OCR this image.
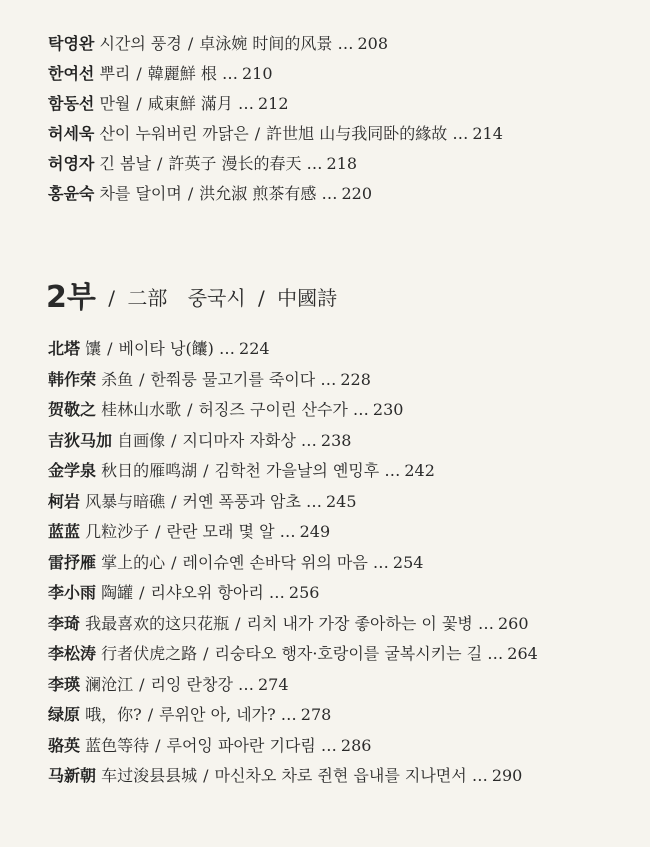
탁영완 시간의 풍경 / 卓泳婉 时间的风景 … 208
한여선 뿌리 / 韓麗鮮 根 … 210
함동선 만월 / 咸東鮮 滿月 … 212
허세욱 산이 누워버린 까닭은 / 許世旭 山与我同卧的緣故 … 214
허영자 긴 봄날 / 許英子 漫长的春天 … 218
홍윤숙 차를 달이며 / 洪允淑 煎茶有感 … 220
2부 / 二部 중국시 / 中國詩
北塔 馕 / 베이타 낭(饢) … 224
韩作荣 杀鱼 / 한쭤룽 물고기를 죽이다 … 228
贺敬之 桂林山水歌 / 허징즈 구이린 산수가 … 230
吉狄马加 自画像 / 지디마자 자화상 … 238
金学泉 秋日的雁鸣湖 / 김학천 가을날의 옌밍후 … 242
柯岩 风暴与暗礁 / 커옌 폭풍과 암초 … 245
蓝蓝 几粒沙子 / 란란 모래 몇 알 … 249
雷抒雁 掌上的心 / 레이슈옌 손바닥 위의 마음 … 254
李小雨 陶罐 / 리샤오위 항아리 … 256
李琦 我最喜欢的这只花瓶 / 리치 내가 가장 좋아하는 이 꽃병 … 260
李松涛 行者伏虎之路 / 리숭타오 행자·호랑이를 굴복시키는 길 … 264
李瑛 澜沧江 / 리잉 란창강 … 274
绿原 哦，你? / 루위안 아, 네가? … 278
骆英 蓝色等待 / 루어잉 파아란 기다림 … 286
马新朝 车过浚县县城 / 마신차오 차로 쥔현 읍내를 지나면서 … 290
